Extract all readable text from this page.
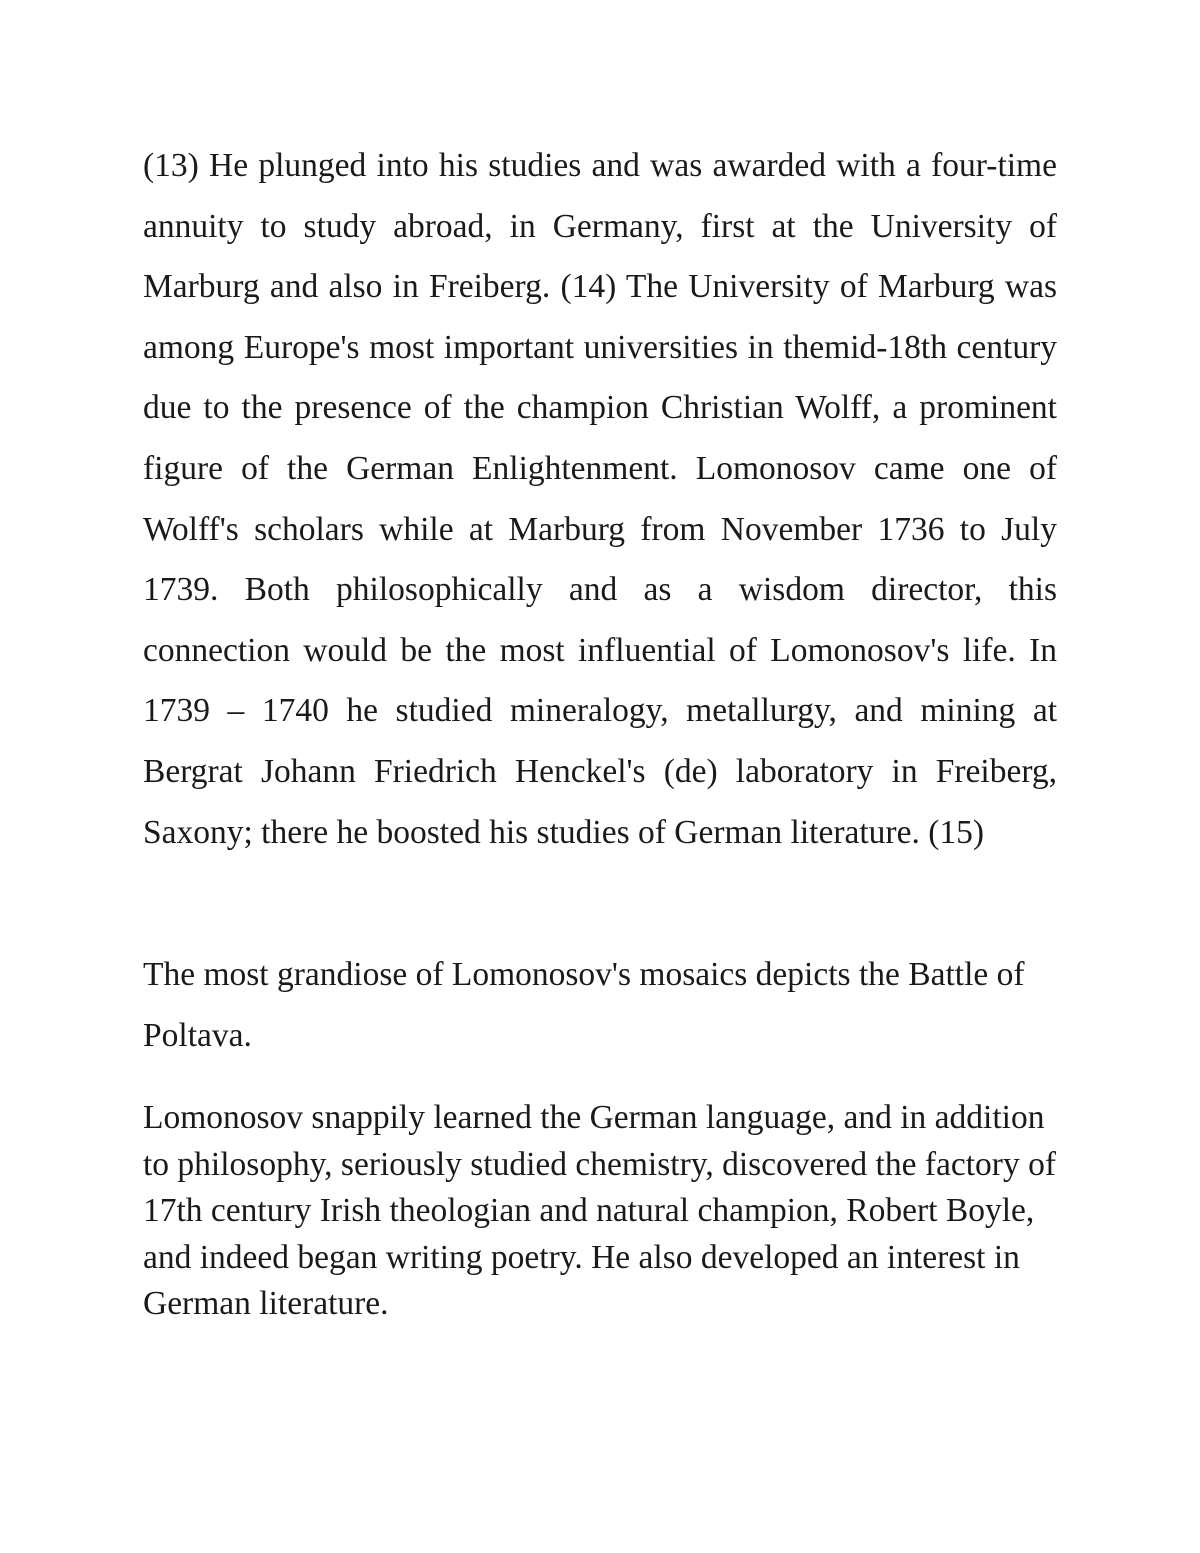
(13) He plunged into his studies and was awarded with a four-time annuity to study abroad, in Germany, first at the University of Marburg and also in Freiberg. (14) The University of Marburg was among Europe's most important universities in themid-18th century due to the presence of the champion Christian Wolff, a prominent figure of the German Enlightenment. Lomonosov came one of Wolff's scholars while at Marburg from November 1736 to July 1739. Both philosophically and as a wisdom director, this connection would be the most influential of Lomonosov's life. In 1739 – 1740 he studied mineralogy, metallurgy, and mining at Bergrat Johann Friedrich Henckel's (de) laboratory in Freiberg, Saxony; there he boosted his studies of German literature. (15)

The most grandiose of Lomonosov's mosaics depicts the Battle of Poltava.

Lomonosov snappily learned the German language, and in addition to philosophy, seriously studied chemistry, discovered the factory of 17th century Irish theologian and natural champion, Robert Boyle, and indeed began writing poetry. He also developed an interest in German literature.
